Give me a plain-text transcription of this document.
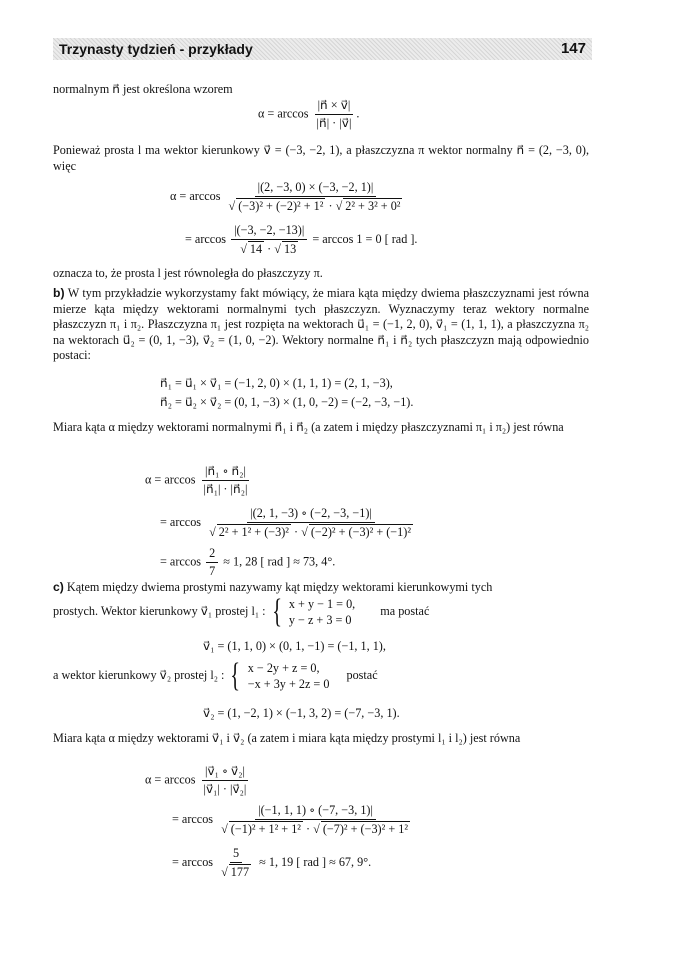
Trzynasty tydzień - przykłady	147
normalnym n⃗ jest określona wzorem
$\alpha = \arccos \frac{|n⃗ \times v⃗|}{|n⃗| \cdot |v⃗|}$ .
Ponieważ prosta l ma wektor kierunkowy v⃗ = (−3, −2, 1), a płaszczyzna π wektor normalny n⃗ = (2, −3, 0), więc
$\alpha = \arccos \frac{|(2, -3, 0) \times (-3, -2, 1)|}{\text{√ (−3)² + (−2)² + 1² · √ 2² + 3² + 0²}}$
= $\arccos \frac{|(-3, -2, -13)|}{√ 14 \cdot √ 13} = \arccos 1 = 0$ [ rad ].
oznacza to, że prosta l jest równoległa do płaszczyzy π.
b) W tym przykładzie wykorzystamy fakt mówiący, że miara kąta między dwiema płaszczyznami jest równa mierze kąta między wektorami normalnymi tych płaszczyzn. Wyznaczymy teraz wektory normalne płaszczyzn π₁ i π₂. Płaszczyzna π₁ jest rozpięta na wektorach u⃗₁ = (−1, 2, 0), v⃗₁ = (1, 1, 1), a płaszczyzna π₂ na wektorach u⃗₂ = (0, 1, −3), v⃗₂ = (1, 0, −2). Wektory normalne n⃗₁ i n⃗₂ tych płaszczyzn mają odpowiednio postaci:
n⃗₁ = u⃗₁ × v⃗₁ = (−1, 2, 0) × (1, 1, 1) = (2, 1, −3),
n⃗₂ = u⃗₂ × v⃗₂ = (0, 1, −3) × (1, 0, −2) = (−2, −3, −1).
Miara kąta α między wektorami normalnymi n⃗₁ i n⃗₂ (a zatem i między płaszczyznami π₁ i π₂) jest równa
$\alpha = \arccos \frac{\text{|n⃗₁ ∘ n⃗₂|}}{\text{|n⃗₁| · |n⃗₂|}}$
= $\arccos \frac{|(2, 1, -3) \circ (-2, -3, -1)|}{\text{√ 2² + 1² + (−3)² · √ (−2)² + (−3)² + (−1)²}}$
= $\arccos \frac{2}{7} \approx 1$, 28 [ rad ] ≈ 73, 4°.
c) Kątem między dwiema prostymi nazywamy kąt między wektorami kierunkowymi tych
prostych. Wektor kierunkowy v⃗₁ prostej l₁ : { x + y − 1 = 0,
y − z + 3 = 0
ma postać
v⃗₁ = (1, 1, 0) × (0, 1, −1) = (−1, 1, 1),
a wektor kierunkowy v⃗₂ prostej l₂ : { x − 2y + z = 0,
−x + 3y + 2z = 0
postać
v⃗₂ = (1, −2, 1) × (−1, 3, 2) = (−7, −3, 1).
Miara kąta α między wektorami v⃗₁ i v⃗₂ (a zatem i miara kąta między prostymi l₁ i l₂) jest równa
$\alpha = \arccos \frac{\text{|v⃗₁ ∘ v⃗₂|}}{\text{|v⃗₁| · |v⃗₂|}}$
= $\arccos \frac{|(-1, 1, 1) \circ (-7, -3, 1)|}{\text{√ (−1)² + 1² + 1² · √ (−7)² + (−3)² + 1²}}$
= $\arccos \frac{5}{√ 177} \approx 1$, 19 [ rad ] ≈ 67, 9°.
